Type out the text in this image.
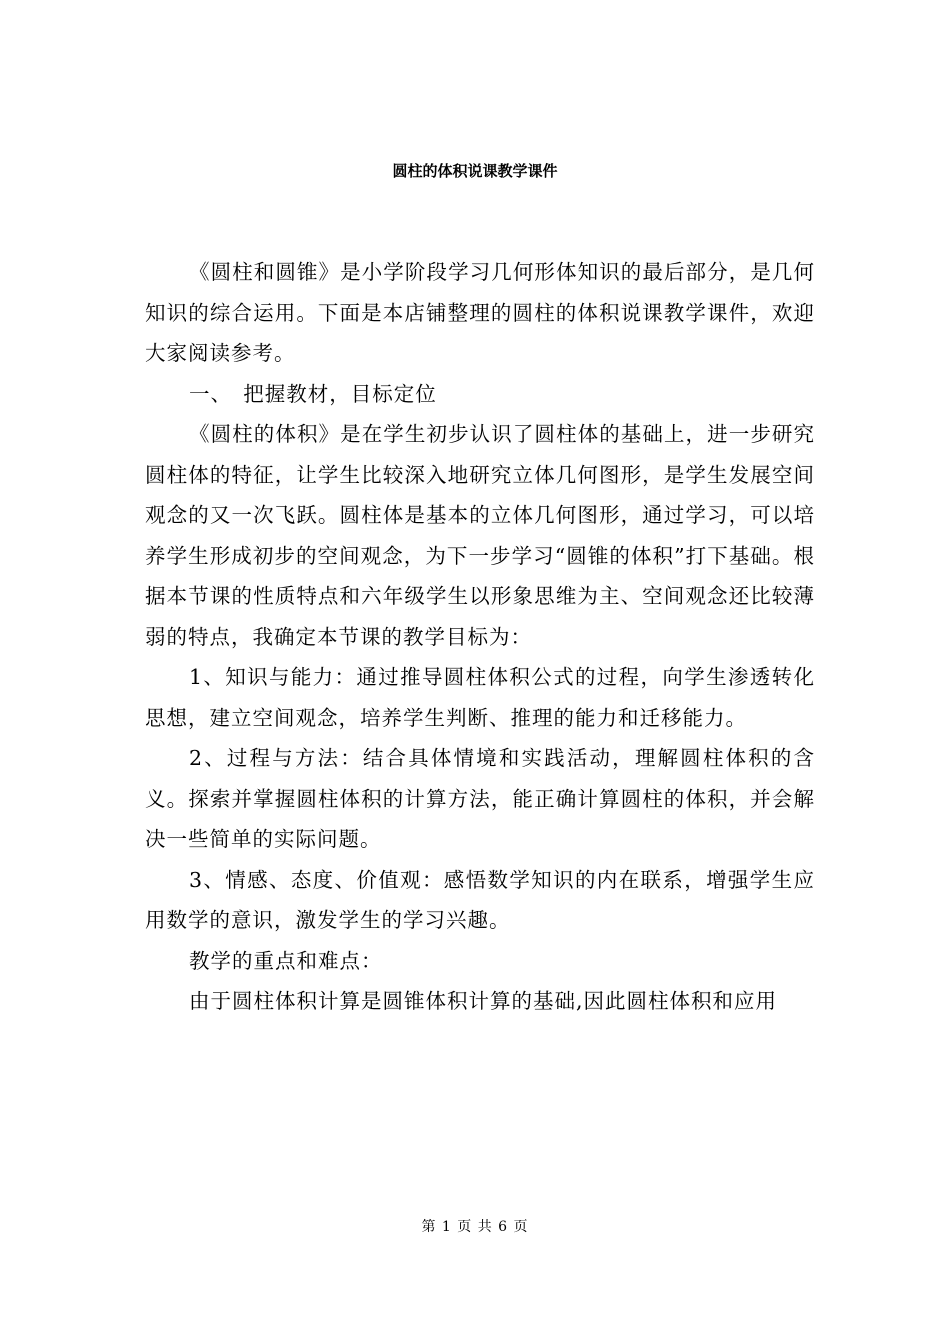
圆柱的体积说课教学课件

《圆柱和圆锥》是小学阶段学习几何形体知识的最后部分，是几何知识的综合运用。下面是本店铺整理的圆柱的体积说课教学课件，欢迎大家阅读参考。

一、　把握教材，目标定位

《圆柱的体积》是在学生初步认识了圆柱体的基础上，进一步研究圆柱体的特征，让学生比较深入地研究立体几何图形，是学生发展空间观念的又一次飞跃。圆柱体是基本的立体几何图形，通过学习，可以培养学生形成初步的空间观念，为下一步学习“圆锥的体积”打下基础。根据本节课的性质特点和六年级学生以形象思维为主、空间观念还比较薄弱的特点，我确定本节课的教学目标为：

1、知识与能力：通过推导圆柱体积公式的过程，向学生渗透转化思想，建立空间观念，培养学生判断、推理的能力和迁移能力。

2、过程与方法：结合具体情境和实践活动，理解圆柱体积的含义。探索并掌握圆柱体积的计算方法，能正确计算圆柱的体积，并会解决一些简单的实际问题。

3、情感、态度、价值观：感悟数学知识的内在联系，增强学生应用数学的意识，激发学生的学习兴趣。

教学的重点和难点：

由于圆柱体积计算是圆锥体积计算的基础,因此圆柱体积和应用

第 1 页 共 6 页
